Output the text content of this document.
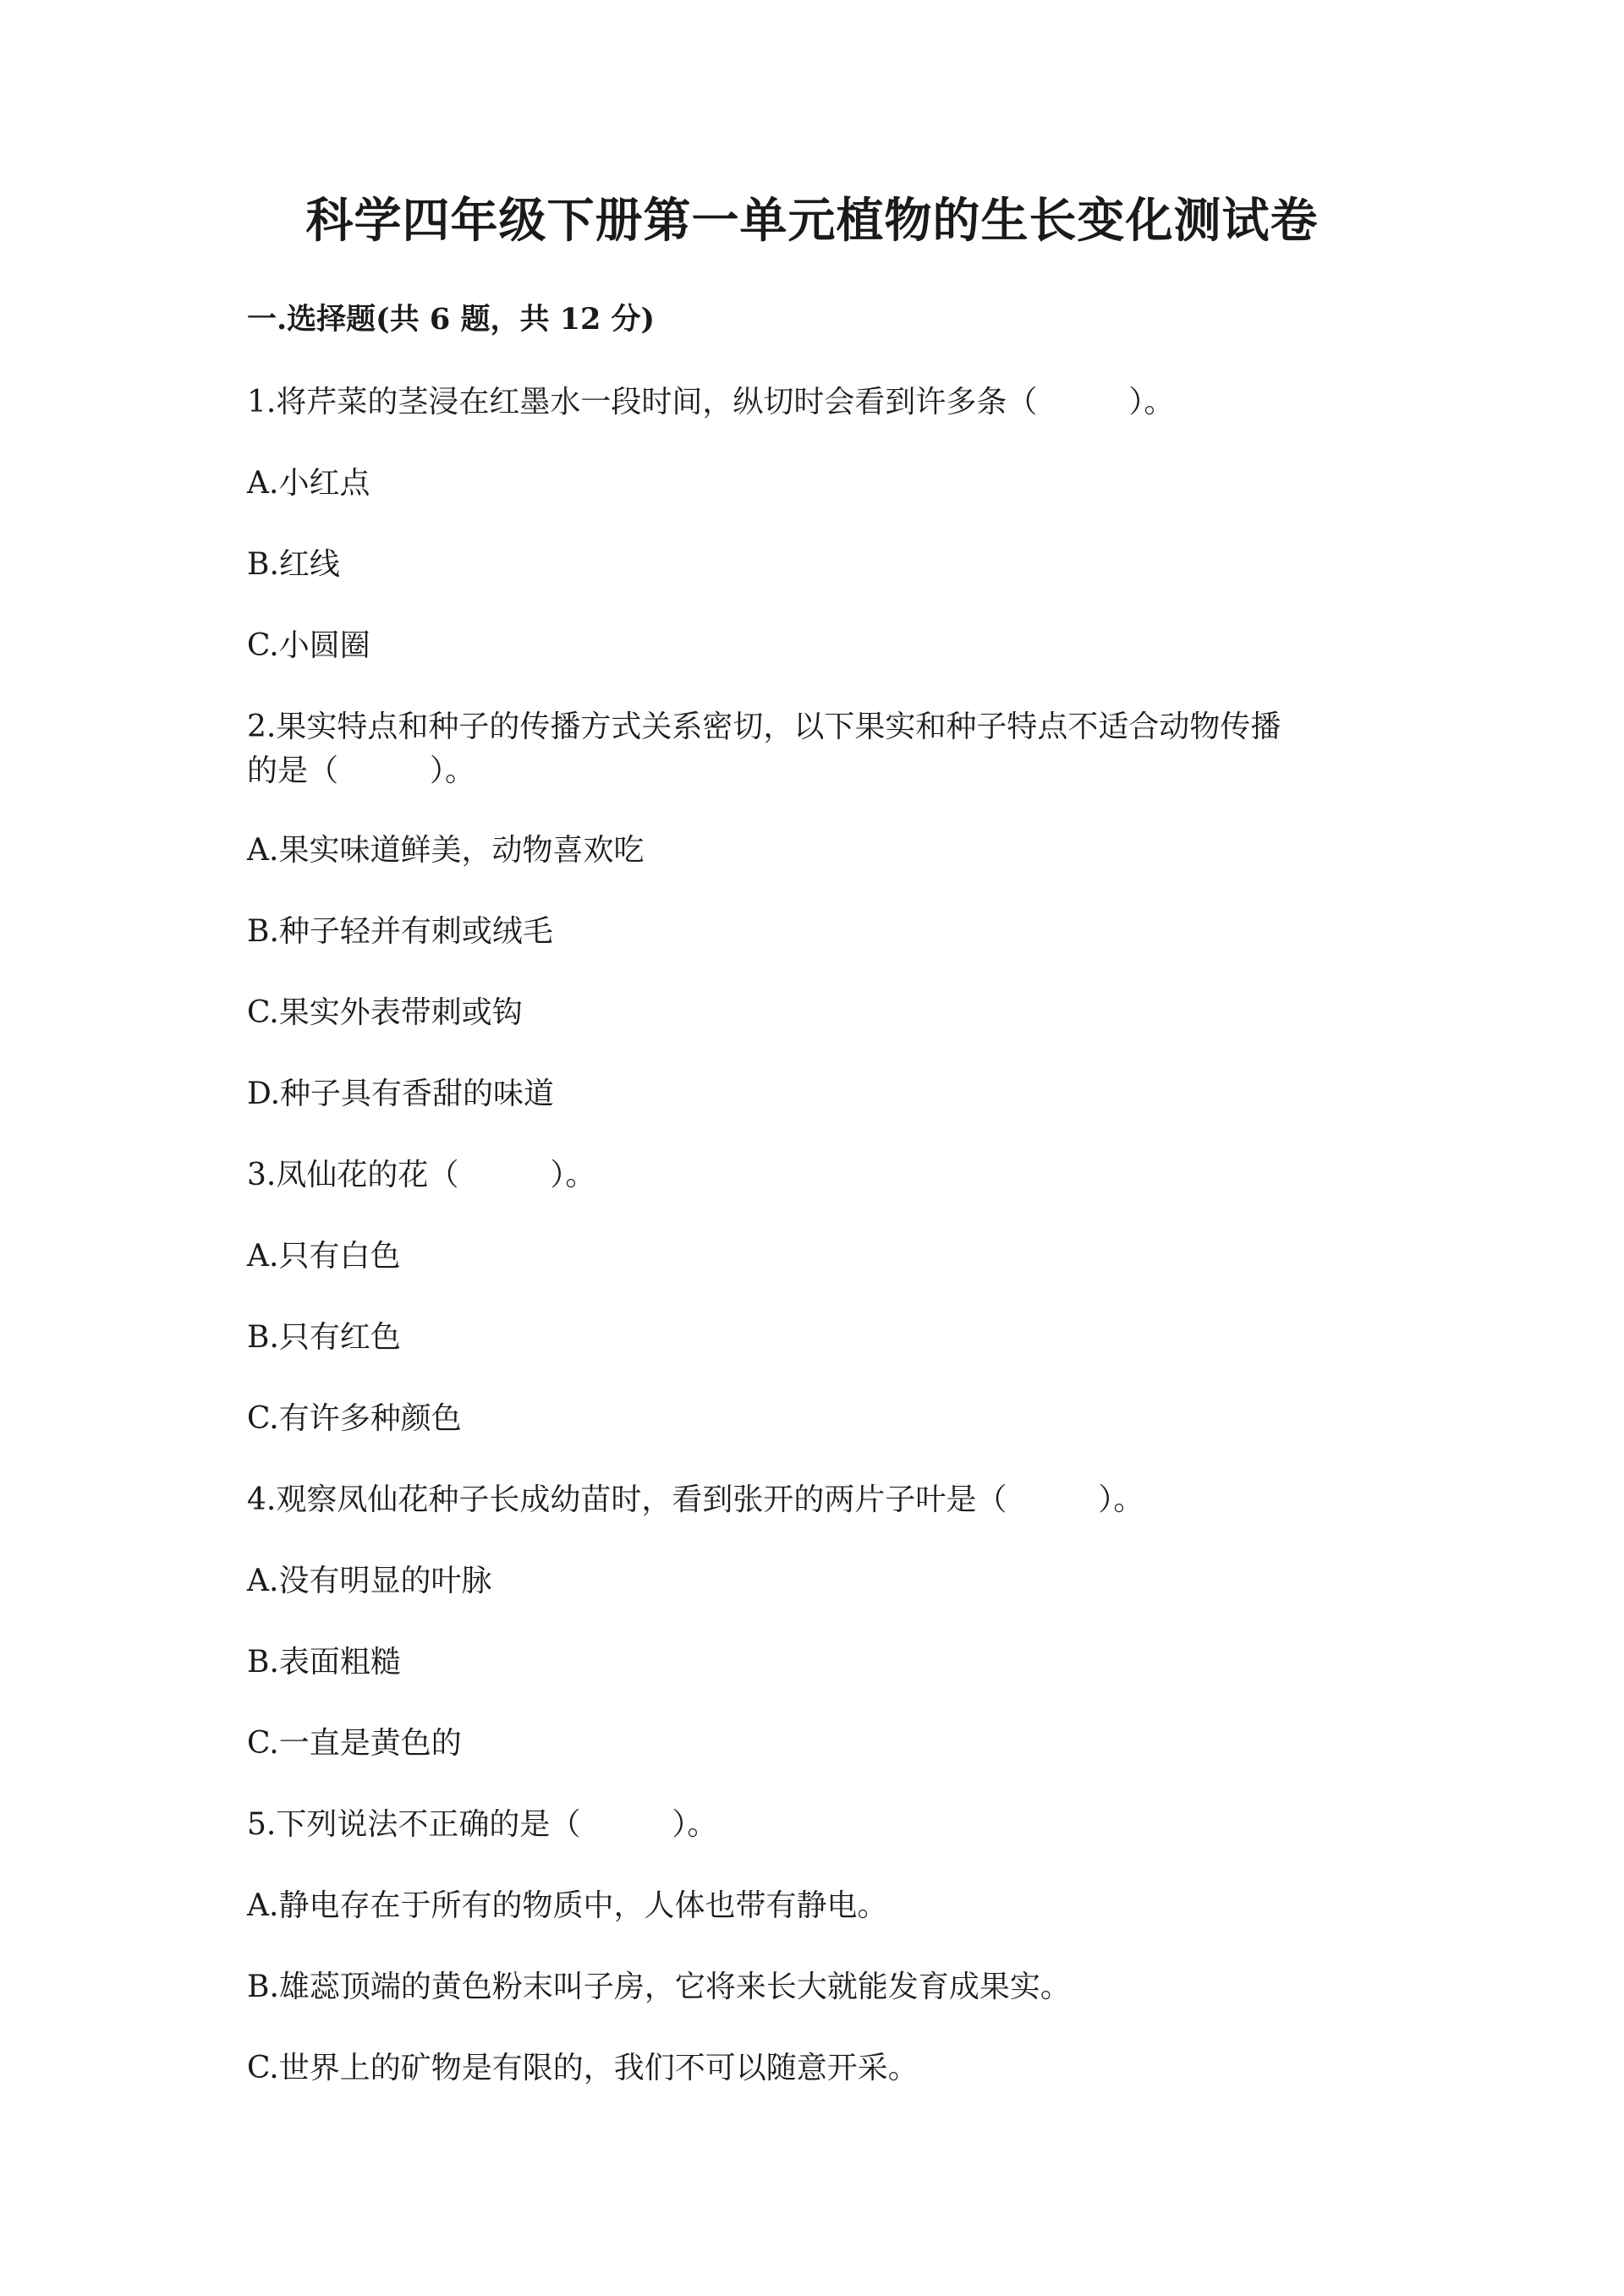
科学四年级下册第一单元植物的生长变化测试卷
一.选择题(共 6 题，共 12 分)
1.将芹菜的茎浸在红墨水一段时间，纵切时会看到许多条（　　　）。
A.小红点
B.红线
C.小圆圈
2.果实特点和种子的传播方式关系密切，以下果实和种子特点不适合动物传播
的是（　　　）。
A.果实味道鲜美，动物喜欢吃
B.种子轻并有刺或绒毛
C.果实外表带刺或钩
D.种子具有香甜的味道
3.凤仙花的花（　　　）。
A.只有白色
B.只有红色
C.有许多种颜色
4.观察凤仙花种子长成幼苗时，看到张开的两片子叶是（　　　）。
A.没有明显的叶脉
B.表面粗糙
C.一直是黄色的
5.下列说法不正确的是（　　　）。
A.静电存在于所有的物质中，人体也带有静电。
B.雄蕊顶端的黄色粉末叫子房，它将来长大就能发育成果实。
C.世界上的矿物是有限的，我们不可以随意开采。
